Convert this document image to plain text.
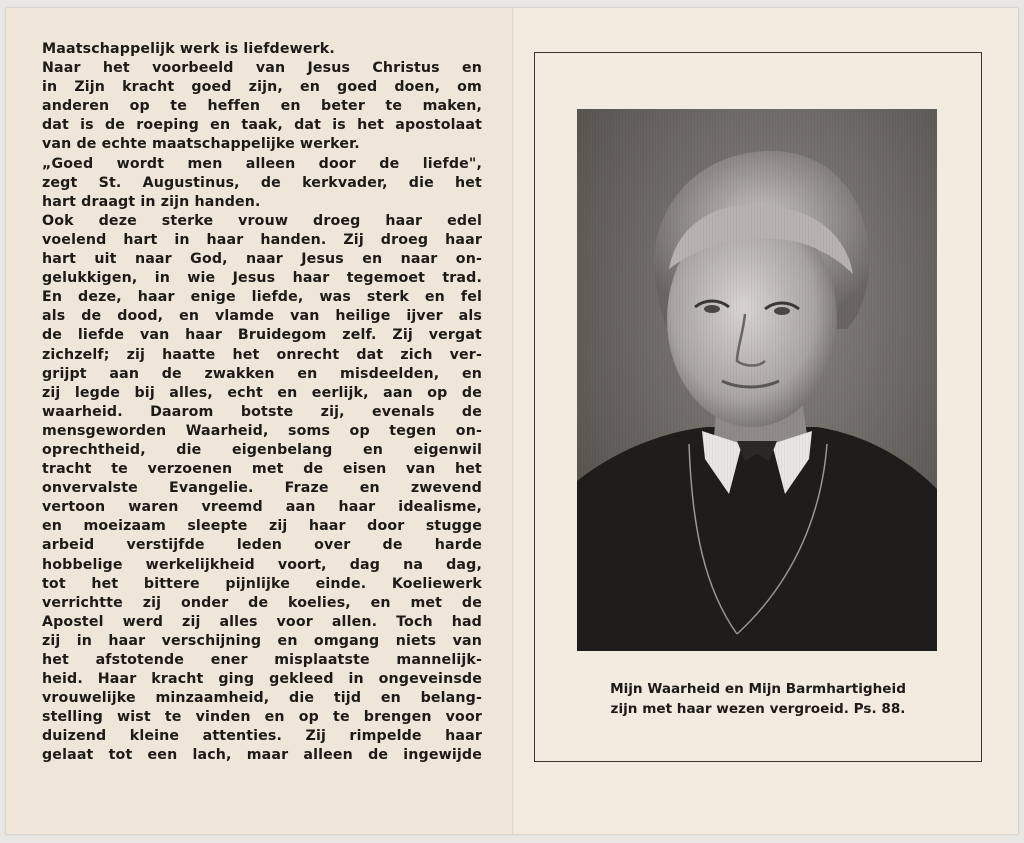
Maatschappelijk werk is liefdewerk.
Naar het voorbeeld van Jesus Christus en
in Zijn kracht goed zijn, en goed doen, om
anderen op te heffen en beter te maken,
dat is de roeping en taak, dat is het apostolaat
van de echte maatschappelijke werker.
„Goed wordt men alleen door de liefde",
zegt St. Augustinus, de kerkvader, die het
hart draagt in zijn handen.
Ook deze sterke vrouw droeg haar edel
voelend hart in haar handen. Zij droeg haar
hart uit naar God, naar Jesus en naar on-
gelukkigen, in wie Jesus haar tegemoet trad.
En deze, haar enige liefde, was sterk en fel
als de dood, en vlamde van heilige ijver als
de liefde van haar Bruidegom zelf. Zij vergat
zichzelf; zij haatte het onrecht dat zich ver-
grijpt aan de zwakken en misdeelden, en
zij legde bij alles, echt en eerlijk, aan op de
waarheid. Daarom botste zij, evenals de
mensgeworden Waarheid, soms op tegen on-
oprechtheid, die eigenbelang en eigenwil
tracht te verzoenen met de eisen van het
onvervalste Evangelie. Fraze en zwevend
vertoon waren vreemd aan haar idealisme,
en moeizaam sleepte zij haar door stugge
arbeid verstijfde leden over de harde
hobbelige werkelijkheid voort, dag na dag,
tot het bittere pijnlijke einde. Koeliewerk
verrichtte zij onder de koelies, en met de
Apostel werd zij alles voor allen. Toch had
zij in haar verschijning en omgang niets van
het afstotende ener misplaatste mannelijk-
heid. Haar kracht ging gekleed in ongeveinsde
vrouwelijke minzaamheid, die tijd en belang-
stelling wist te vinden en op te brengen voor
duizend kleine attenties. Zij rimpelde haar
gelaat tot een lach, maar alleen de ingewijde
Mijn Waarheid en Mijn Barmhartigheid
zijn met haar wezen vergroeid. Ps. 88.
